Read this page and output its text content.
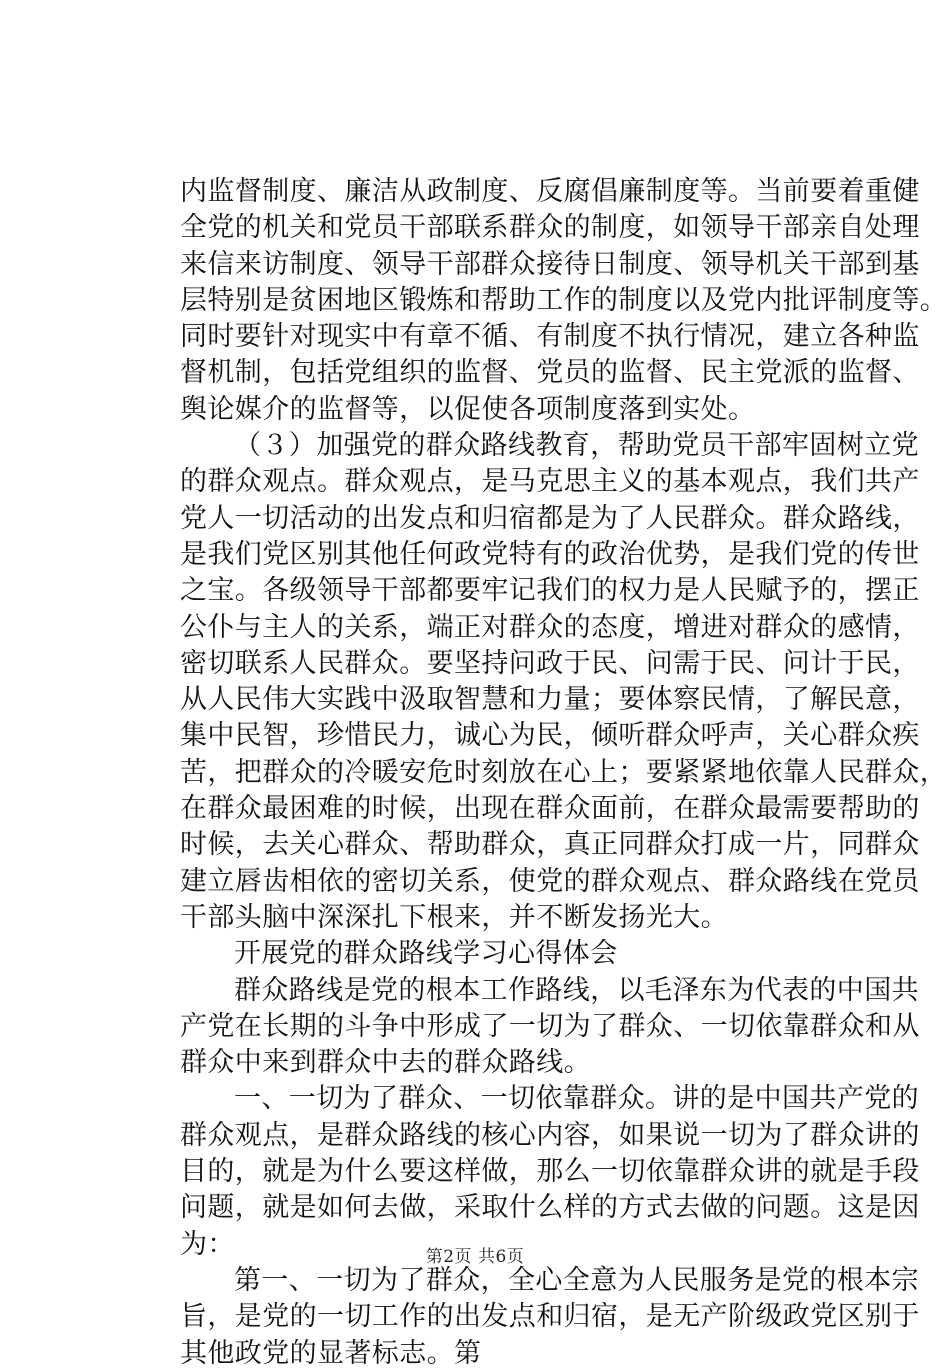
内监督制度、廉洁从政制度、反腐倡廉制度等。当前要着重健
全党的机关和党员干部联系群众的制度，如领导干部亲自处理
来信来访制度、领导干部群众接待日制度、领导机关干部到基
层特别是贫困地区锻炼和帮助工作的制度以及党内批评制度等。
同时要针对现实中有章不循、有制度不执行情况，建立各种监
督机制，包括党组织的监督、党员的监督、民主党派的监督、
舆论媒介的监督等，以促使各项制度落到实处。
（３）加强党的群众路线教育，帮助党员干部牢固树立党
的群众观点。群众观点，是马克思主义的基本观点，我们共产
党人一切活动的出发点和归宿都是为了人民群众。群众路线，
是我们党区别其他任何政党特有的政治优势，是我们党的传世
之宝。各级领导干部都要牢记我们的权力是人民赋予的，摆正
公仆与主人的关系，端正对群众的态度，增进对群众的感情，
密切联系人民群众。要坚持问政于民、问需于民、问计于民，
从人民伟大实践中汲取智慧和力量；要体察民情，了解民意，
集中民智，珍惜民力，诚心为民，倾听群众呼声，关心群众疾
苦，把群众的冷暖安危时刻放在心上；要紧紧地依靠人民群众，
在群众最困难的时候，出现在群众面前，在群众最需要帮助的
时候，去关心群众、帮助群众，真正同群众打成一片，同群众
建立唇齿相依的密切关系，使党的群众观点、群众路线在党员
干部头脑中深深扎下根来，并不断发扬光大。
开展党的群众路线学习心得体会
群众路线是党的根本工作路线，以毛泽东为代表的中国共
产党在长期的斗争中形成了一切为了群众、一切依靠群众和从
群众中来到群众中去的群众路线。
一、一切为了群众、一切依靠群众。讲的是中国共产党的
群众观点，是群众路线的核心内容，如果说一切为了群众讲的
目的，就是为什么要这样做，那么一切依靠群众讲的就是手段
问题，就是如何去做，采取什么样的方式去做的问题。这是因
为：
第一、一切为了群众，全心全意为人民服务是党的根本宗
旨，是党的一切工作的出发点和归宿，是无产阶级政党区别于
其他政党的显著标志。第
第2页 共6页
